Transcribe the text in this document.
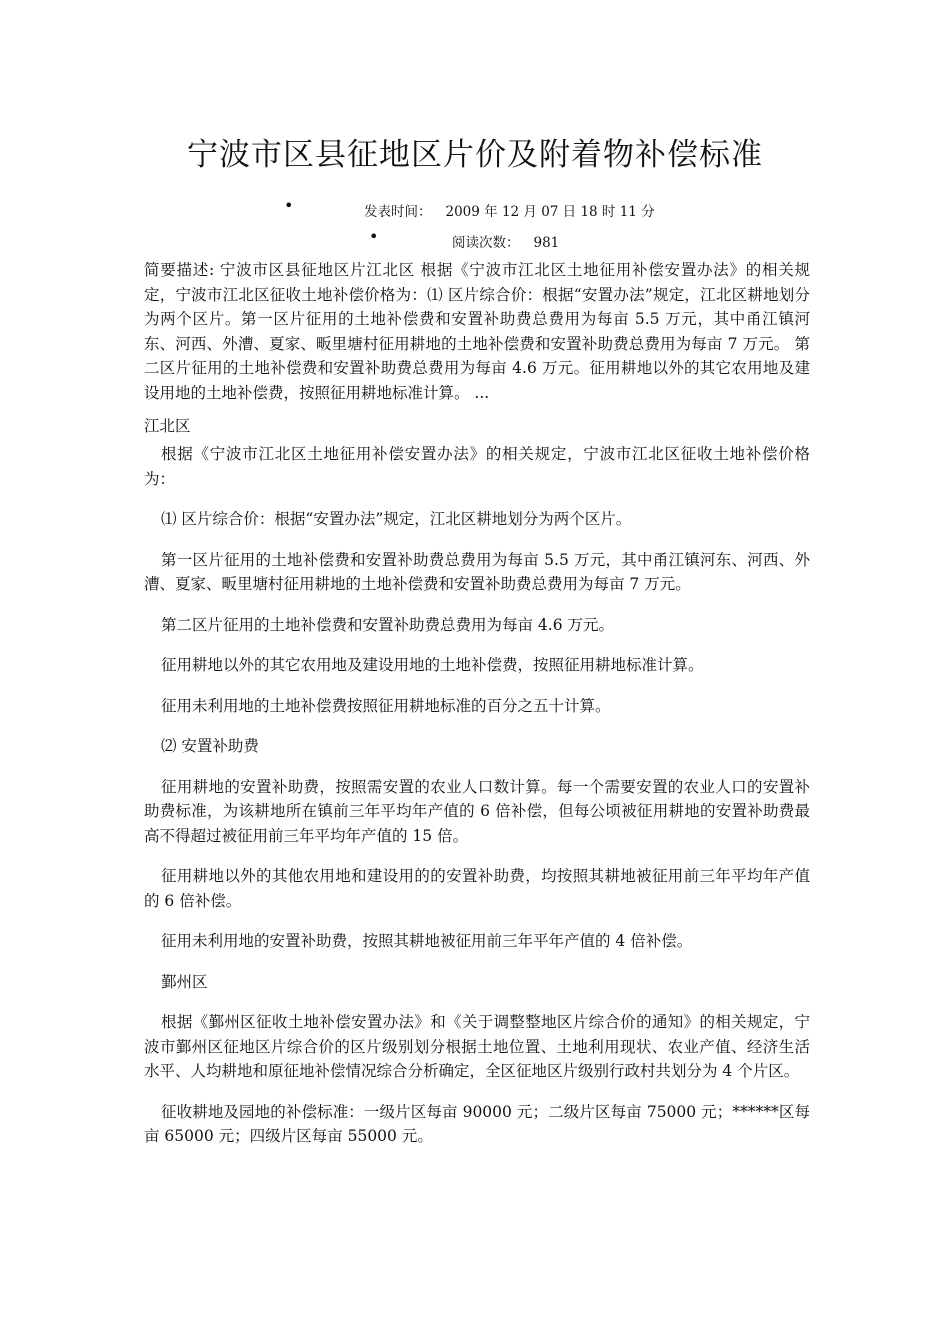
宁波市区县征地区片价及附着物补偿标准
•	发表时间： 2009 年 12 月 07 日 18 时 11 分
•	阅读次数： 981
简要描述: 宁波市区县征地区片江北区 根据《宁波市江北区土地征用补偿安置办法》的相关规定，宁波市江北区征收土地补偿价格为：⑴ 区片综合价：根据“安置办法”规定，江北区耕地划分为两个区片。第一区片征用的土地补偿费和安置补助费总费用为每亩 5.5 万元，其中甬江镇河东、河西、外漕、夏家、畈里塘村征用耕地的土地补偿费和安置补助费总费用为每亩 7 万元。 第二区片征用的土地补偿费和安置补助费总费用为每亩 4.6 万元。征用耕地以外的其它农用地及建设用地的土地补偿费，按照征用耕地标准计算。 ...
江北区

根据《宁波市江北区土地征用补偿安置办法》的相关规定，宁波市江北区征收土地补偿价格为：

⑴ 区片综合价：根据“安置办法”规定，江北区耕地划分为两个区片。

第一区片征用的土地补偿费和安置补助费总费用为每亩 5.5 万元，其中甬江镇河东、河西、外漕、夏家、畈里塘村征用耕地的土地补偿费和安置补助费总费用为每亩 7 万元。

第二区片征用的土地补偿费和安置补助费总费用为每亩 4.6 万元。

征用耕地以外的其它农用地及建设用地的土地补偿费，按照征用耕地标准计算。

征用未利用地的土地补偿费按照征用耕地标准的百分之五十计算。

⑵ 安置补助费

征用耕地的安置补助费，按照需安置的农业人口数计算。每一个需要安置的农业人口的安置补助费标准，为该耕地所在镇前三年平均年产值的 6 倍补偿，但每公顷被征用耕地的安置补助费最高不得超过被征用前三年平均年产值的 15 倍。

征用耕地以外的其他农用地和建设用的的安置补助费，均按照其耕地被征用前三年平均年产值的 6 倍补偿。

征用未利用地的安置补助费，按照其耕地被征用前三年平年产值的 4 倍补偿。

鄞州区

根据《鄞州区征收土地补偿安置办法》和《关于调整整地区片综合价的通知》的相关规定，宁波市鄞州区征地区片综合价的区片级别划分根据土地位置、土地利用现状、农业产值、经济生活水平、人均耕地和原征地补偿情况综合分析确定，全区征地区片级别行政村共划分为 4 个片区。

征收耕地及园地的补偿标准：一级片区每亩 90000 元；二级片区每亩 75000 元；******区每亩 65000 元；四级片区每亩 55000 元。
